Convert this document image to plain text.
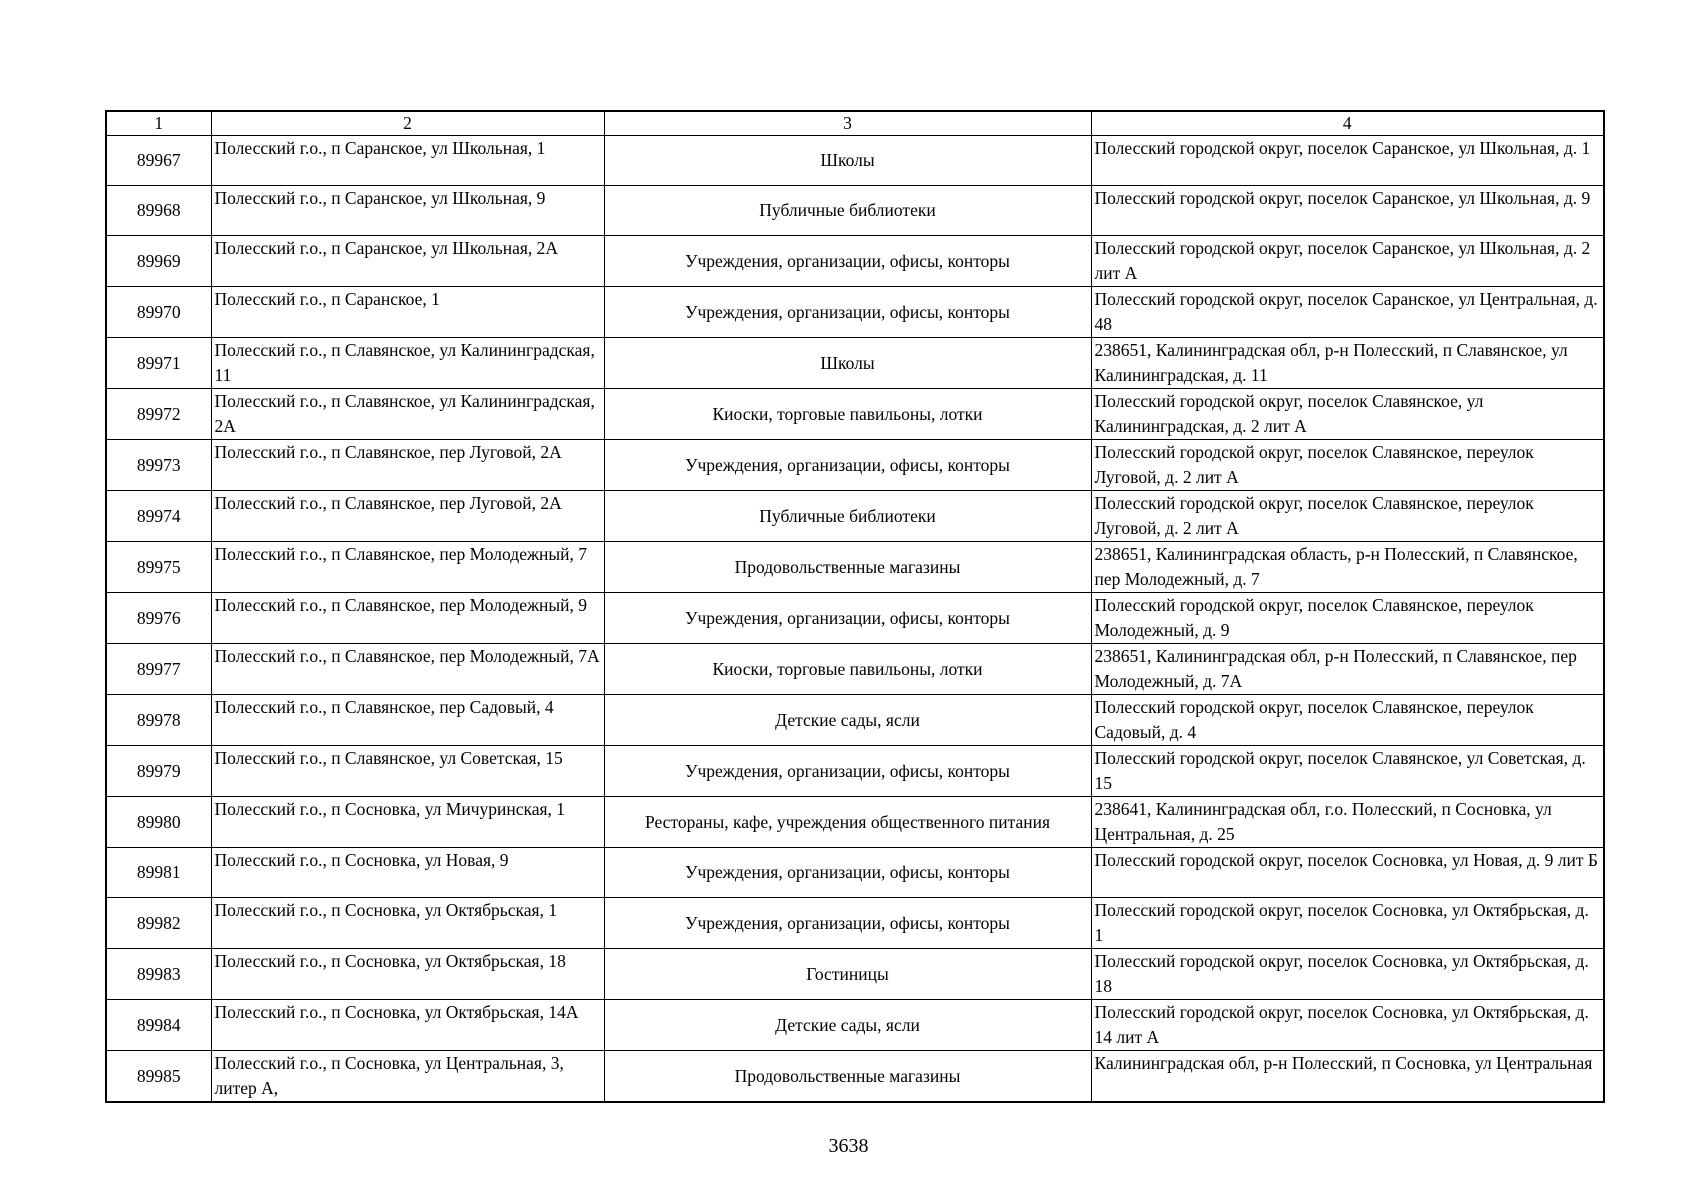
1	2	3	4
89967	Полесский г.о., п Саранское, ул Школьная, 1	Школы	Полесский городской округ, поселок Саранское, ул Школьная, д. 1
89968	Полесский г.о., п Саранское, ул Школьная, 9	Публичные библиотеки	Полесский городской округ, поселок Саранское, ул Школьная, д. 9
89969	Полесский г.о., п Саранское, ул Школьная, 2А	Учреждения, организации, офисы, конторы	Полесский городской округ, поселок Саранское, ул Школьная, д. 2 лит А
89970	Полесский г.о., п Саранское, 1	Учреждения, организации, офисы, конторы	Полесский городской округ, поселок Саранское, ул Центральная, д. 48
89971	Полесский г.о., п Славянское, ул Калининградская, 11	Школы	238651, Калининградская обл, р-н Полесский, п Славянское, ул Калининградская, д. 11
89972	Полесский г.о., п Славянское, ул Калининградская, 2А	Киоски, торговые павильоны, лотки	Полесский городской округ, поселок Славянское, ул Калининградская, д. 2 лит А
89973	Полесский г.о., п Славянское, пер Луговой, 2А	Учреждения, организации, офисы, конторы	Полесский городской округ, поселок Славянское, переулок Луговой, д. 2 лит А
89974	Полесский г.о., п Славянское, пер Луговой, 2А	Публичные библиотеки	Полесский городской округ, поселок Славянское, переулок Луговой, д. 2 лит А
89975	Полесский г.о., п Славянское, пер Молодежный, 7	Продовольственные магазины	238651, Калининградская область, р-н Полесский, п Славянское, пер Молодежный, д. 7
89976	Полесский г.о., п Славянское, пер Молодежный, 9	Учреждения, организации, офисы, конторы	Полесский городской округ, поселок Славянское, переулок Молодежный, д. 9
89977	Полесский г.о., п Славянское, пер Молодежный, 7А	Киоски, торговые павильоны, лотки	238651, Калининградская обл, р-н Полесский, п Славянское, пер Молодежный, д. 7А
89978	Полесский г.о., п Славянское, пер Садовый, 4	Детские сады, ясли	Полесский городской округ, поселок Славянское, переулок Садовый, д. 4
89979	Полесский г.о., п Славянское, ул Советская, 15	Учреждения, организации, офисы, конторы	Полесский городской округ, поселок Славянское, ул Советская, д. 15
89980	Полесский г.о., п Сосновка, ул Мичуринская, 1	Рестораны, кафе, учреждения общественного питания	238641, Калининградская обл, г.о. Полесский, п Сосновка, ул Центральная, д. 25
89981	Полесский г.о., п Сосновка, ул Новая, 9	Учреждения, организации, офисы, конторы	Полесский городской округ, поселок Сосновка, ул Новая, д. 9 лит Б
89982	Полесский г.о., п Сосновка, ул Октябрьская, 1	Учреждения, организации, офисы, конторы	Полесский городской округ, поселок Сосновка, ул Октябрьская, д. 1
89983	Полесский г.о., п Сосновка, ул Октябрьская, 18	Гостиницы	Полесский городской округ, поселок Сосновка, ул Октябрьская, д. 18
89984	Полесский г.о., п Сосновка, ул Октябрьская, 14А	Детские сады, ясли	Полесский городской округ, поселок Сосновка, ул Октябрьская, д. 14 лит А
89985	Полесский г.о., п Сосновка, ул Центральная, 3, литер А,	Продовольственные магазины	Калининградская обл, р-н Полесский, п Сосновка, ул Центральная
3638
